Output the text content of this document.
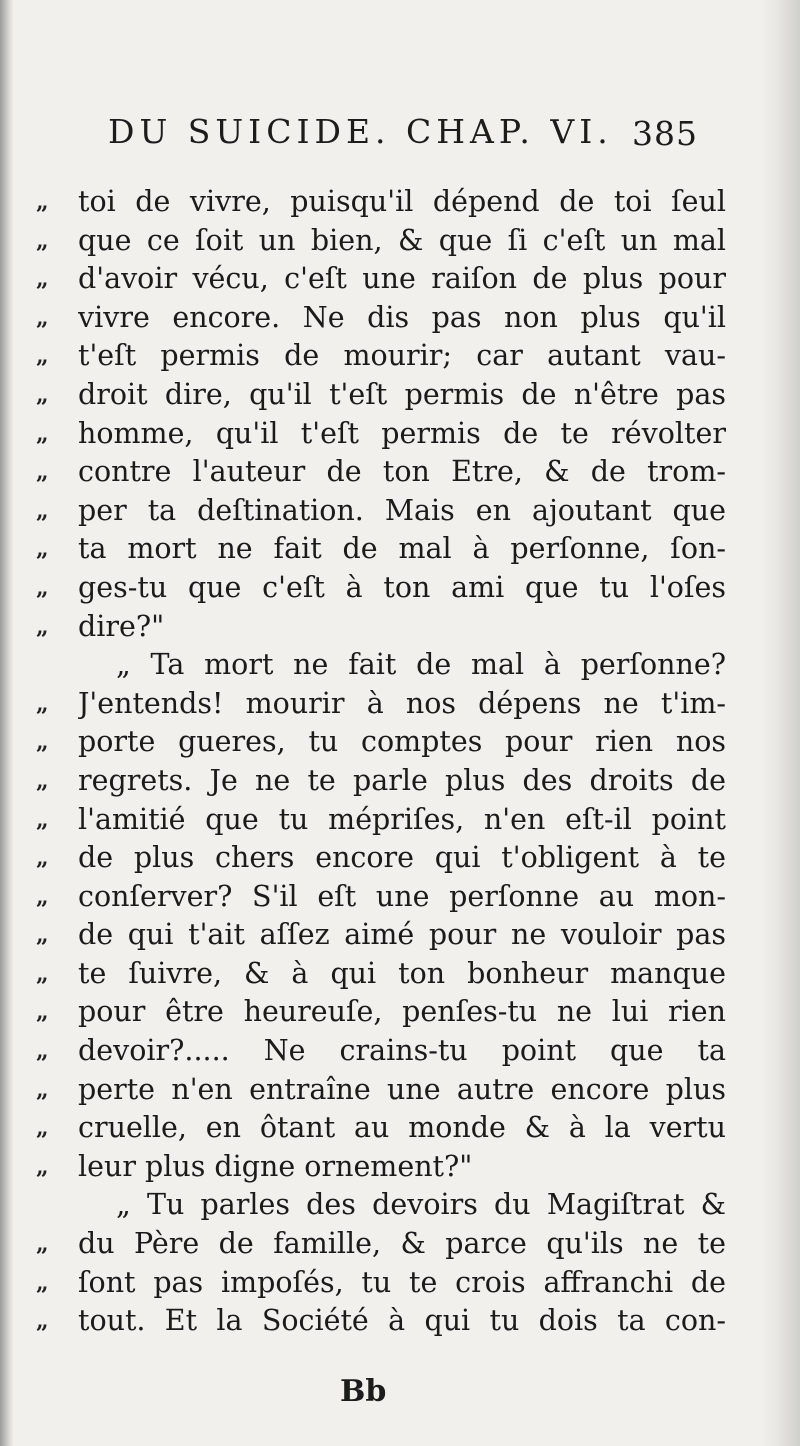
DU SUICIDE. CHAP. VI. 385
„	toi de vivre, puisqu'il dépend de toi ſeul
„	que ce ſoit un bien, & que ſi c'eſt un mal
„	d'avoir vécu, c'eſt une raiſon de plus pour
„	vivre encore. Ne dis pas non plus qu'il
„	t'eſt permis de mourir; car autant vau-
„	droit dire, qu'il t'eſt permis de n'être pas
„	homme, qu'il t'eſt permis de te révolter
„	contre l'auteur de ton Etre, & de trom-
„	per ta deſtination. Mais en ajoutant que
„	ta mort ne fait de mal à perſonne, ſon-
„	ges-tu que c'eſt à ton ami que tu l'oſes
„	dire?"
„ Ta mort ne fait de mal à perſonne?
„	J'entends! mourir à nos dépens ne t'im-
„	porte gueres, tu comptes pour rien nos
„	regrets. Je ne te parle plus des droits de
„	l'amitié que tu mépriſes, n'en eſt-il point
„	de plus chers encore qui t'obligent à te
„	conſerver? S'il eſt une perſonne au mon-
„	de qui t'ait aſſez aimé pour ne vouloir pas
„	te ſuivre, & à qui ton bonheur manque
„	pour être heureuſe, penſes-tu ne lui rien
„	devoir?..... Ne crains-tu point que ta
„	perte n'en entraîne une autre encore plus
„	cruelle, en ôtant au monde & à la vertu
„	leur plus digne ornement?"
„ Tu parles des devoirs du Magiſtrat &
„	du Père de famille, & parce qu'ils ne te
„	ſont pas impoſés, tu te crois affranchi de
„	tout. Et la Société à qui tu dois ta con-
Bb
